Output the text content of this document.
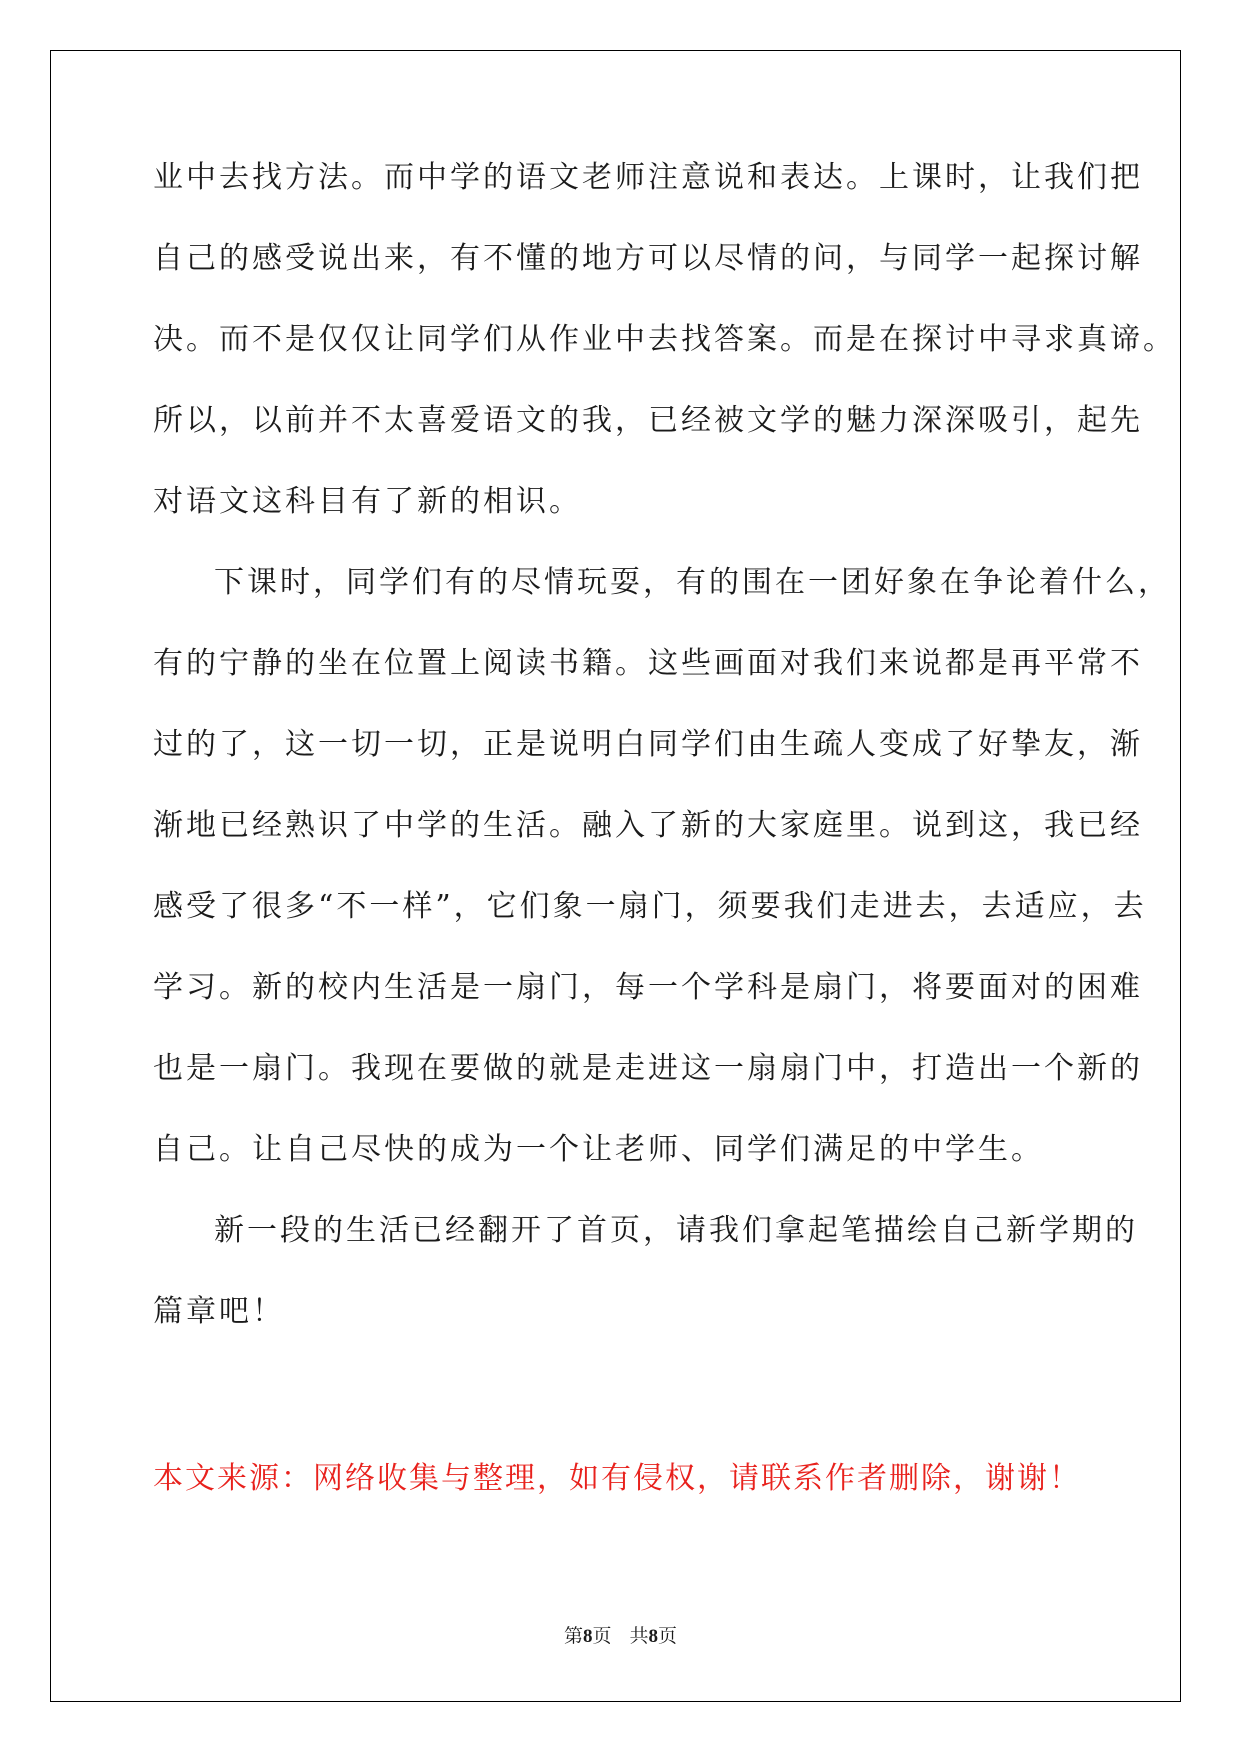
业中去找方法。而中学的语文老师注意说和表达。上课时，让我们把
自己的感受说出来，有不懂的地方可以尽情的问，与同学一起探讨解
决。而不是仅仅让同学们从作业中去找答案。而是在探讨中寻求真谛。
所以，以前并不太喜爱语文的我，已经被文学的魅力深深吸引，起先
对语文这科目有了新的相识。
下课时，同学们有的尽情玩耍，有的围在一团好象在争论着什么，
有的宁静的坐在位置上阅读书籍。这些画面对我们来说都是再平常不
过的了，这一切一切，正是说明白同学们由生疏人变成了好挚友，渐
渐地已经熟识了中学的生活。融入了新的大家庭里。说到这，我已经
感受了很多“不一样”，它们象一扇门，须要我们走进去，去适应，去
学习。新的校内生活是一扇门，每一个学科是扇门，将要面对的困难
也是一扇门。我现在要做的就是走进这一扇扇门中，打造出一个新的
自己。让自己尽快的成为一个让老师、同学们满足的中学生。
新一段的生活已经翻开了首页，请我们拿起笔描绘自己新学期的
篇章吧！
本文来源：网络收集与整理，如有侵权，请联系作者删除，谢谢！
第8页 共8页
